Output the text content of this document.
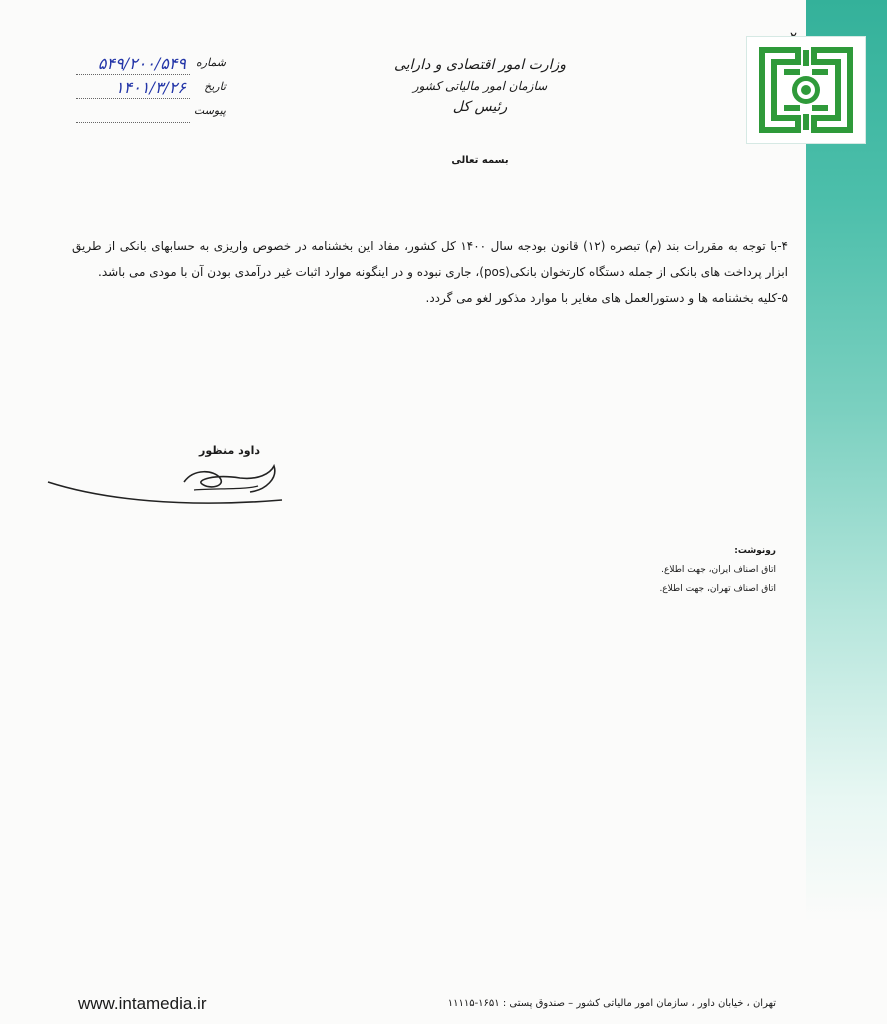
وزارت امور اقتصادی و دارایی
سازمان امور مالیاتی کشور
رئیس کل
بسمه تعالی
شماره
۵۴۹/۲۰۰/۵۴۹
تاریخ
۱۴۰۱/۳/۲۶
پیوست

۴-با توجه به مقررات بند (م) تبصره (۱۲) قانون بودجه سال ۱۴۰۰ کل کشور، مفاد این بخشنامه در خصوص واریزی به حسابهای بانکی از طریق ابزار پرداخت های بانکی از جمله دستگاه کارتخوان بانکی(pos)، جاری نبوده و در اینگونه موارد اثبات غیر درآمدی بودن آن با مودی می باشد.

۵-کلیه بخشنامه ها و دستورالعمل های مغایر با موارد مذکور لغو می گردد.

داود منظور
رونوشت:
اتاق اصناف ایران، جهت اطلاع.
اتاق اصناف تهران، جهت اطلاع.
www.intamedia.ir	تهران ، خیابان داور ، سازمان امور مالیاتی کشور – صندوق پستی : ۱۶۵۱-۱۱۱۱۵
